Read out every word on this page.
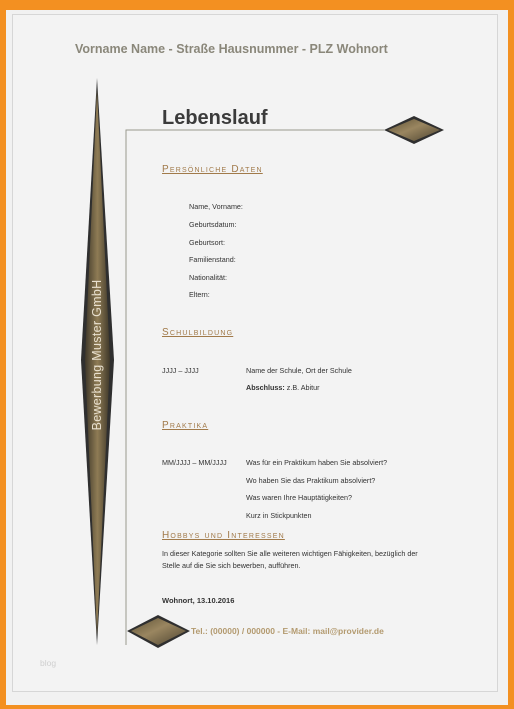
Vorname Name - Straße Hausnummer - PLZ Wohnort
Lebenslauf
Bewerbung Muster GmbH
Persönliche Daten
Name, Vorname:
Geburtsdatum:
Geburtsort:
Familienstand:
Nationalität:
Eltern:
Schulbildung
JJJJ – JJJJ	Name der Schule, Ort der Schule
Abschluss: z.B. Abitur
Praktika
MM/JJJJ – MM/JJJJ	Was für ein Praktikum haben Sie absolviert?
Wo haben Sie das Praktikum absolviert?
Was waren Ihre Hauptätigkeiten?
Kurz in Stickpunkten
Hobbys und Interessen
In dieser Kategorie sollten Sie alle weiteren wichtigen Fähigkeiten, bezüglich der Stelle auf die Sie sich bewerben, aufführen.
Wohnort, 13.10.2016
Tel.: (00000) / 000000 - E-Mail: mail@provider.de
blog
